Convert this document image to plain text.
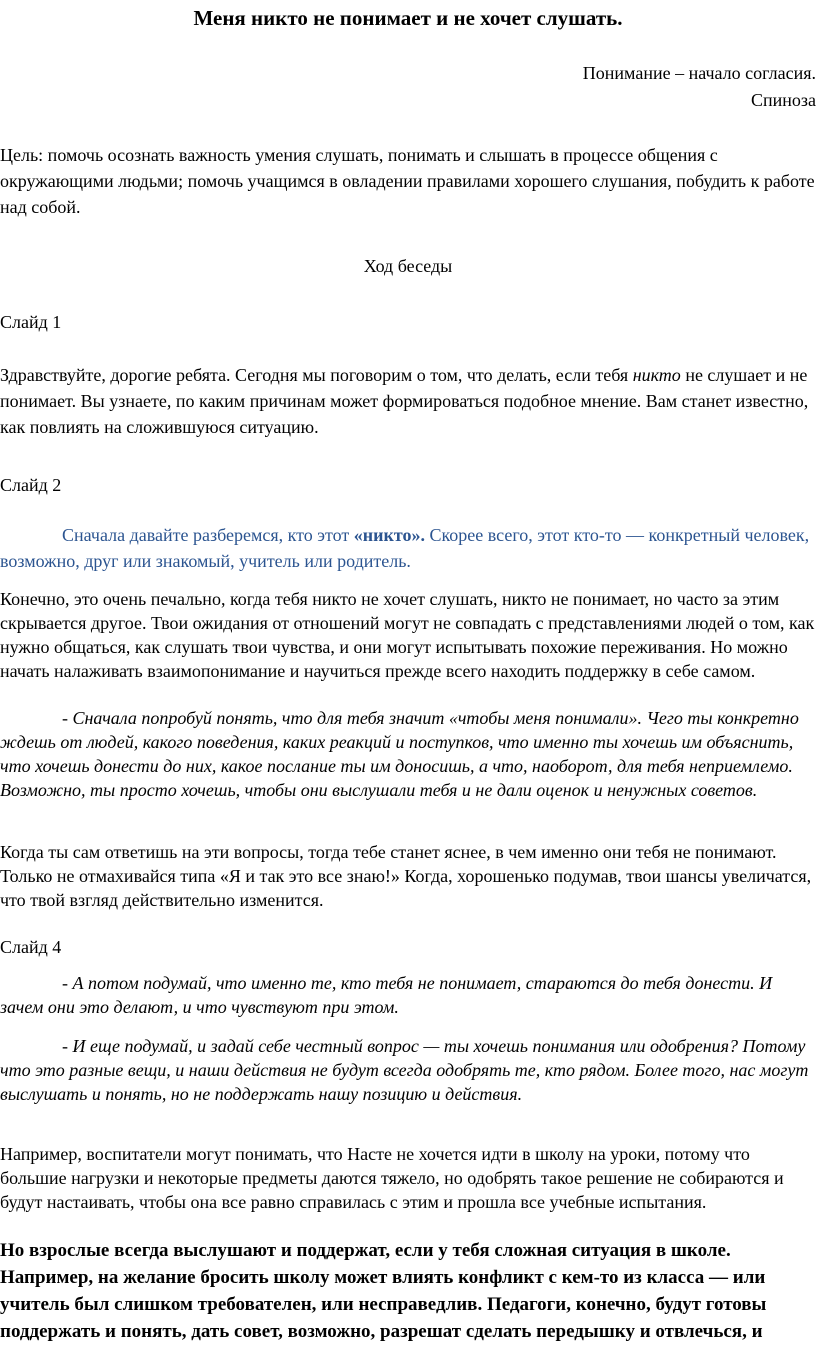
Меня никто не понимает и не хочет слушать.
Понимание – начало согласия.
Спиноза
Цель: помочь осознать важность умения слушать, понимать и слышать в процессе общения с окружающими людьми; помочь учащимся в овладении правилами хорошего слушания, побудить к работе над собой.
Ход беседы
Слайд 1
Здравствуйте, дорогие ребята. Сегодня мы поговорим о том, что делать, если тебя никто не слушает и не понимает. Вы узнаете, по каким причинам может формироваться подобное мнение. Вам станет известно, как повлиять на сложившуюся ситуацию.
Слайд 2
Сначала давайте разберемся, кто этот «никто». Скорее всего, этот кто-то — конкретный человек, возможно, друг или знакомый, учитель или родитель.
Конечно, это очень печально, когда тебя никто не хочет слушать, никто не понимает, но часто за этим скрывается другое. Твои ожидания от отношений могут не совпадать с представлениями людей о том, как нужно общаться, как слушать твои чувства, и они могут испытывать похожие переживания. Но можно начать налаживать взаимопонимание и научиться прежде всего находить поддержку в себе самом.
- Сначала попробуй понять, что для тебя значит «чтобы меня понимали». Чего ты конкретно ждешь от людей, какого поведения, каких реакций и поступков, что именно ты хочешь им объяснить, что хочешь донести до них, какое послание ты им доносишь, а что, наоборот, для тебя неприемлемо. Возможно, ты просто хочешь, чтобы они выслушали тебя и не дали оценок и ненужных советов.
Когда ты сам ответишь на эти вопросы, тогда тебе станет яснее, в чем именно они тебя не понимают. Только не отмахивайся типа «Я и так это все знаю!» Когда, хорошенько подумав, твои шансы увеличатся, что твой взгляд действительно изменится.
Слайд 4
- А потом подумай, что именно те, кто тебя не понимает, стараются до тебя донести. И зачем они это делают, и что чувствуют при этом.
- И еще подумай, и задай себе честный вопрос — ты хочешь понимания или одобрения? Потому что это разные вещи, и наши действия не будут всегда одобрять те, кто рядом. Более того, нас могут выслушать и понять, но не поддержать нашу позицию и действия.
Например, воспитатели могут понимать, что Насте не хочется идти в школу на уроки, потому что большие нагрузки и некоторые предметы даются тяжело, но одобрять такое решение не собираются и будут настаивать, чтобы она все равно справилась с этим и прошла все учебные испытания.
Но взрослые всегда выслушают и поддержат, если у тебя сложная ситуация в школе. Например, на желание бросить школу может влиять конфликт с кем-то из класса — или учитель был слишком требователен, или несправедлив. Педагоги, конечно, будут готовы поддержать и понять, дать совет, возможно, разрешат сделать передышку и отвлечься, и
